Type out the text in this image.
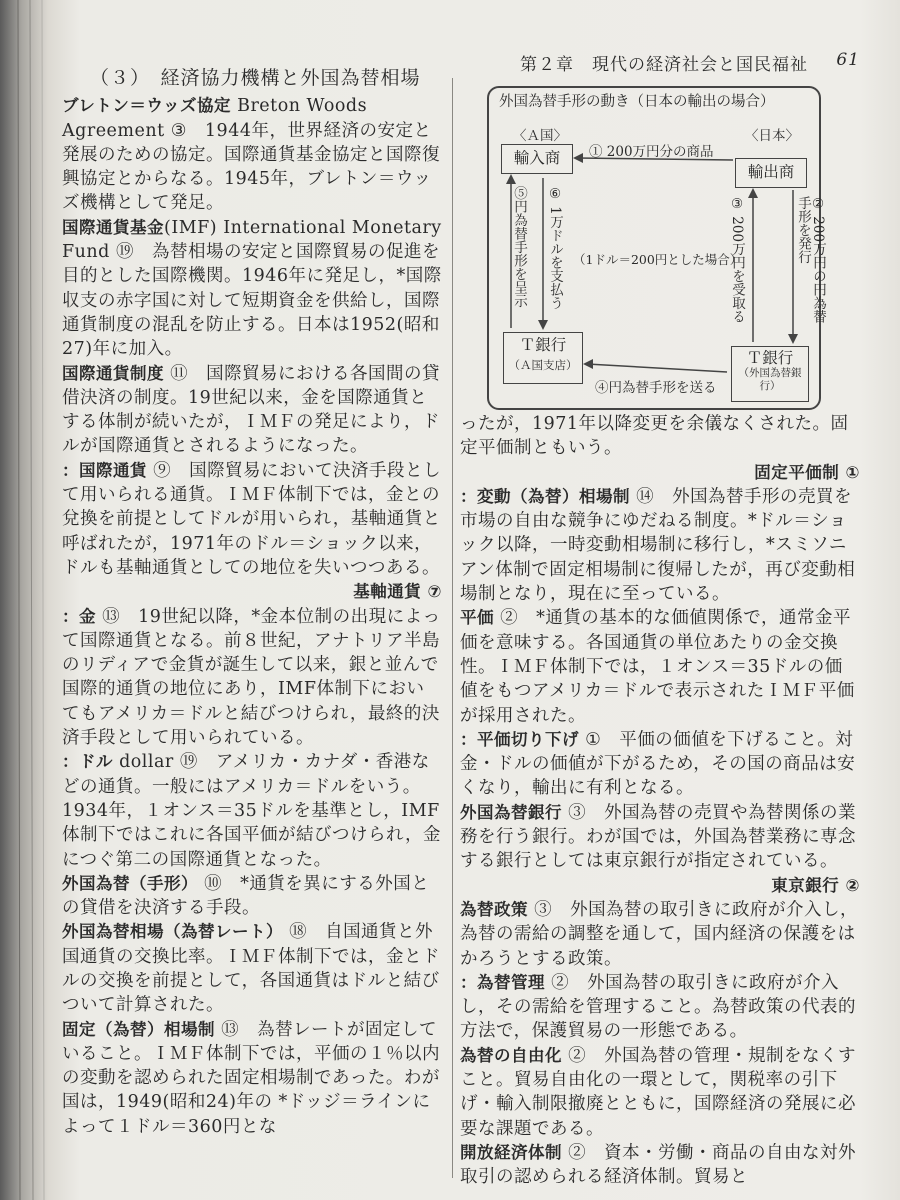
第２章　現代の経済社会と国民福祉 61
（３）　経済協力機構と外国為替相場
ブレトン＝ウッズ協定 Breton Woods Agreement ③　1944年，世界経済の安定と発展のための協定。国際通貨基金協定と国際復興協定とからなる。1945年，ブレトン＝ウッズ機構として発足。
国際通貨基金(IMF) International Monetary Fund ⑲　為替相場の安定と国際貿易の促進を目的とした国際機関。1946年に発足し，*国際収支の赤字国に対して短期資金を供給し，国際通貨制度の混乱を防止する。日本は1952(昭和27)年に加入。
国際通貨制度 ⑪　国際貿易における各国間の貸借決済の制度。19世紀以来，金を国際通貨とする体制が続いたが，ＩＭＦの発足により，ドルが国際通貨とされるようになった。
：国際通貨 ⑨　国際貿易において決済手段として用いられる通貨。ＩＭＦ体制下では，金との兌換を前提としてドルが用いられ，基軸通貨と呼ばれたが，1971年のドル＝ショック以来，ドルも基軸通貨としての地位を失いつつある。
基軸通貨 ⑦
：金 ⑬　19世紀以降，*金本位制の出現によって国際通貨となる。前８世紀，アナトリア半島のリディアで金貨が誕生して以来，銀と並んで国際的通貨の地位にあり，IMF体制下においてもアメリカ＝ドルと結びつけられ，最終的決済手段として用いられている。
：ドル dollar ⑲　アメリカ・カナダ・香港などの通貨。一般にはアメリカ＝ドルをいう。1934年，１オンス＝35ドルを基準とし，IMF体制下ではこれに各国平価が結びつけられ，金につぐ第二の国際通貨となった。
外国為替（手形） ⑩　*通貨を異にする外国との貸借を決済する手段。
外国為替相場（為替レート） ⑱　自国通貨と外国通貨の交換比率。ＩＭＦ体制下では，金とドルの交換を前提として，各国通貨はドルと結びついて計算された。
固定（為替）相場制 ⑬　為替レートが固定していること。ＩＭＦ体制下では，平価の１％以内の変動を認められた固定相場制であった。わが国は，1949(昭和24)年の *ドッジ＝ラインによって１ドル＝360円とな
外国為替手形の動き（日本の輸出の場合）
〈Ａ国〉	〈日本〉
輸入商
輸出商
Ｔ銀行
（Ａ国支店）	Ｔ銀行
（外国為替銀行）
① 200万円分の商品
② 200万円の円為替手形を発行
③ 200万円を受取る
④円為替手形を送る
⑤円為替手形を呈示 ⑥ 1万ドルを支払う （1ドル＝200円とした場合）
ったが，1971年以降変更を余儀なくされた。固定平価制ともいう。
固定平価制 ①
：変動（為替）相場制 ⑭　外国為替手形の売買を市場の自由な競争にゆだねる制度。*ドル＝ショック以降，一時変動相場制に移行し，*スミソニアン体制で固定相場制に復帰したが，再び変動相場制となり，現在に至っている。
平価 ②　*通貨の基本的な価値関係で，通常金平価を意味する。各国通貨の単位あたりの金交換性。ＩＭＦ体制下では，１オンス＝35ドルの価値をもつアメリカ＝ドルで表示されたＩＭＦ平価が採用された。
：平価切り下げ ①　平価の価値を下げること。対金・ドルの価値が下がるため，その国の商品は安くなり，輸出に有利となる。
外国為替銀行 ③　外国為替の売買や為替関係の業務を行う銀行。わが国では，外国為替業務に専念する銀行としては東京銀行が指定されている。
東京銀行 ②
為替政策 ③　外国為替の取引きに政府が介入し，為替の需給の調整を通して，国内経済の保護をはかろうとする政策。
：為替管理 ②　外国為替の取引きに政府が介入し，その需給を管理すること。為替政策の代表的方法で，保護貿易の一形態である。
為替の自由化 ②　外国為替の管理・規制をなくすこと。貿易自由化の一環として，関税率の引下げ・輸入制限撤廃とともに，国際経済の発展に必要な課題である。
開放経済体制 ②　資本・労働・商品の自由な対外取引の認められる経済体制。貿易と
